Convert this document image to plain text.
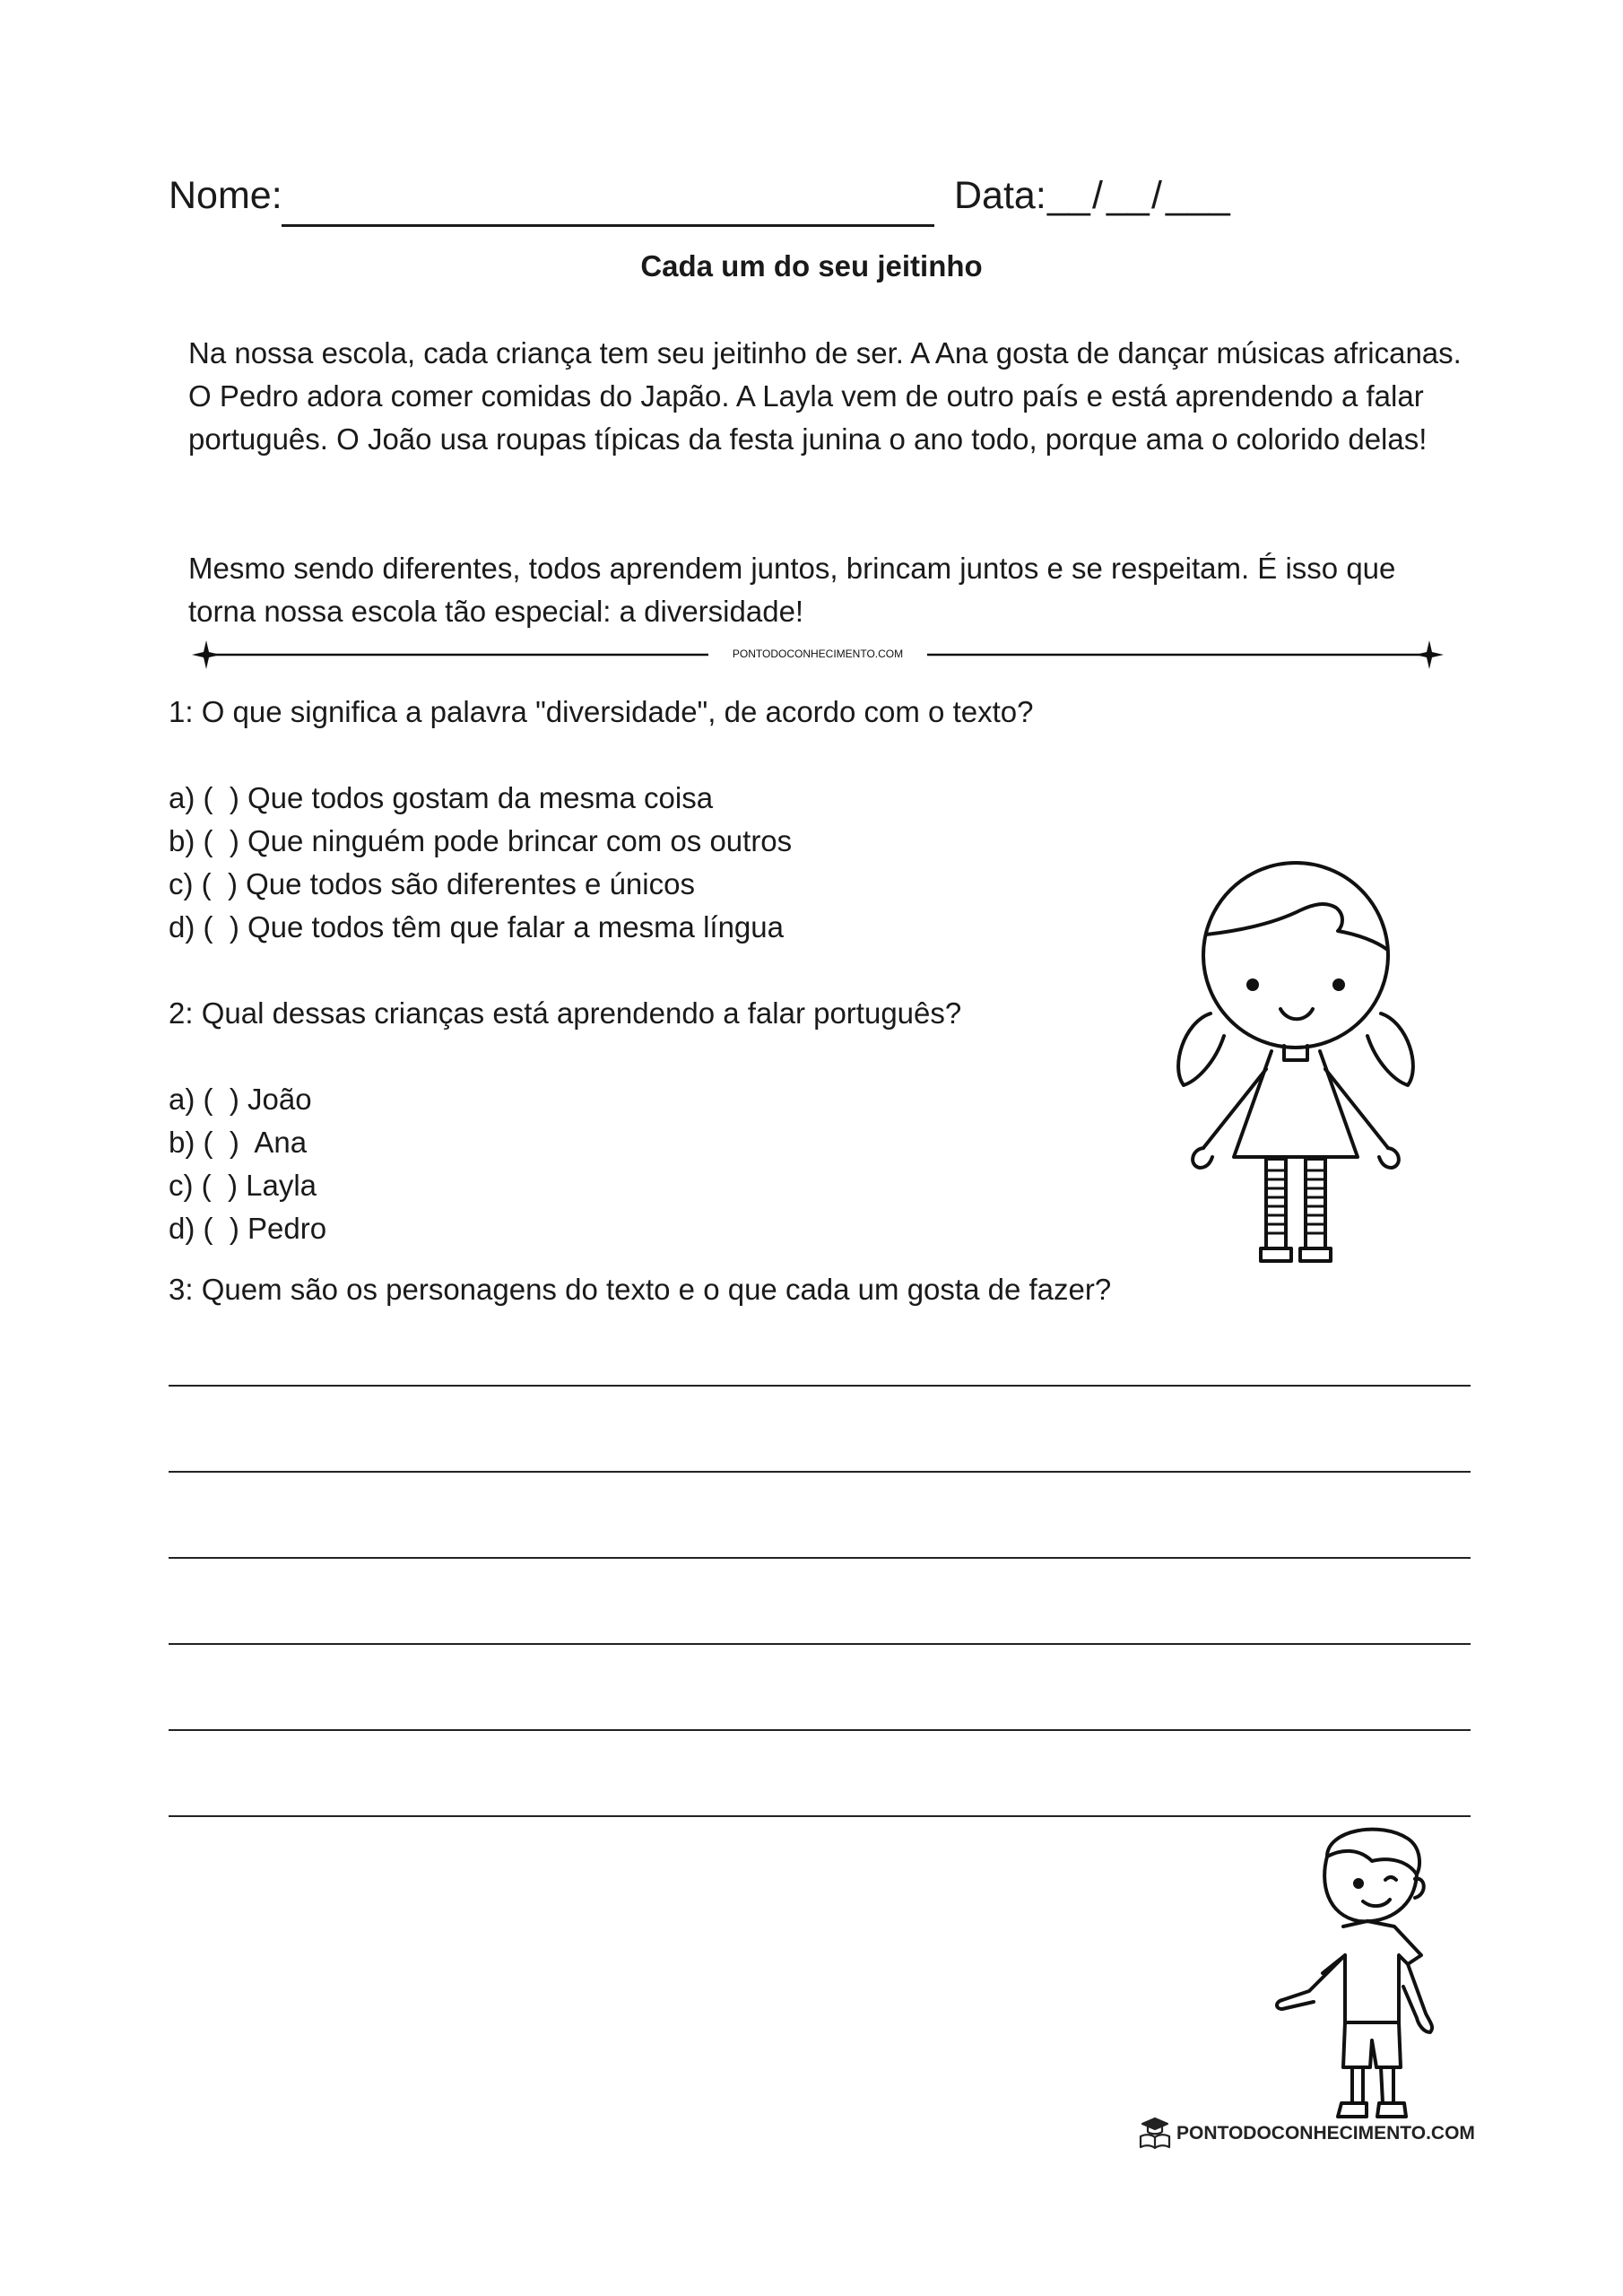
Nome:	Data: __ / __ / ___
Cada um do seu jeitinho
Na nossa escola, cada criança tem seu jeitinho de ser. A Ana gosta de dançar músicas africanas. O Pedro adora comer comidas do Japão. A Layla vem de outro país e está aprendendo a falar português. O João usa roupas típicas da festa junina o ano todo, porque ama o colorido delas!
Mesmo sendo diferentes, todos aprendem juntos, brincam juntos e se respeitam. É isso que torna nossa escola tão especial: a diversidade!
PONTODOCONHECIMENTO.COM
1: O que significa a palavra "diversidade", de acordo com o texto?
a) (  ) Que todos gostam da mesma coisa
b) (  ) Que ninguém pode brincar com os outros
c) (  ) Que todos são diferentes e únicos
d) (  ) Que todos têm que falar a mesma língua
2: Qual dessas crianças está aprendendo a falar português?
a) (  ) João
b) (  )  Ana
c) (  ) Layla
d) (  ) Pedro
3: Quem são os personagens do texto e o que cada um gosta de fazer?
PONTODOCONHECIMENTO.COM
